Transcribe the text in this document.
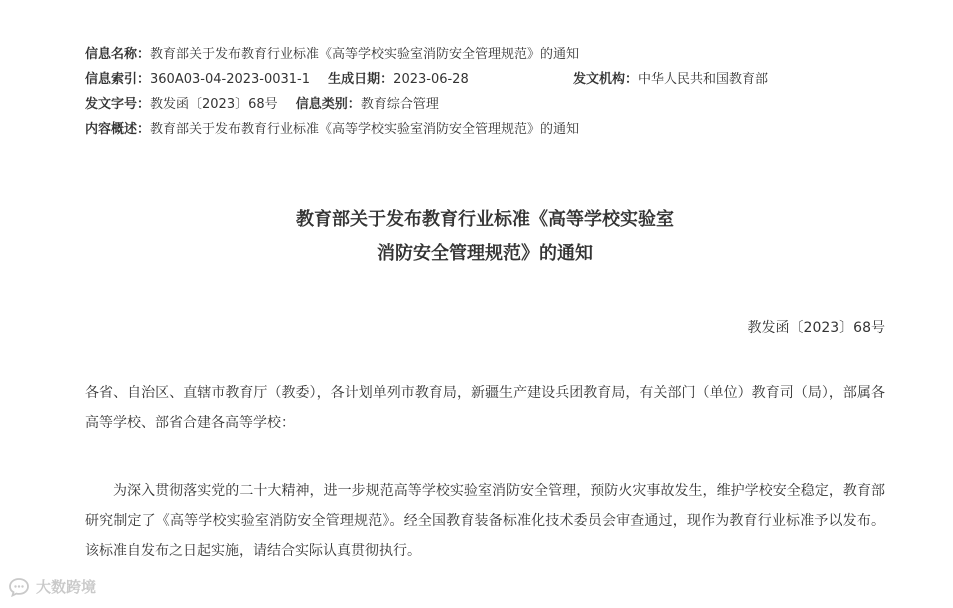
信息名称：教育部关于发布教育行业标准《高等学校实验室消防安全管理规范》的通知
信息索引：360A03-04-2023-0031-1 生成日期：2023-06-28	发文机构：中华人民共和国教育部
发文字号：教发函〔2023〕68号 信息类别：教育综合管理
内容概述：教育部关于发布教育行业标准《高等学校实验室消防安全管理规范》的通知
教育部关于发布教育行业标准《高等学校实验室
消防安全管理规范》的通知
教发函〔2023〕68号
各省、自治区、直辖市教育厅（教委），各计划单列市教育局，新疆生产建设兵团教育局，有关部门（单位）教育司（局），部属各高等学校、部省合建各高等学校：
为深入贯彻落实党的二十大精神，进一步规范高等学校实验室消防安全管理，预防火灾事故发生，维护学校安全稳定，教育部研究制定了《高等学校实验室消防安全管理规范》。经全国教育装备标准化技术委员会审查通过，现作为教育行业标准予以发布。该标准自发布之日起实施，请结合实际认真贯彻执行。
大数跨境
